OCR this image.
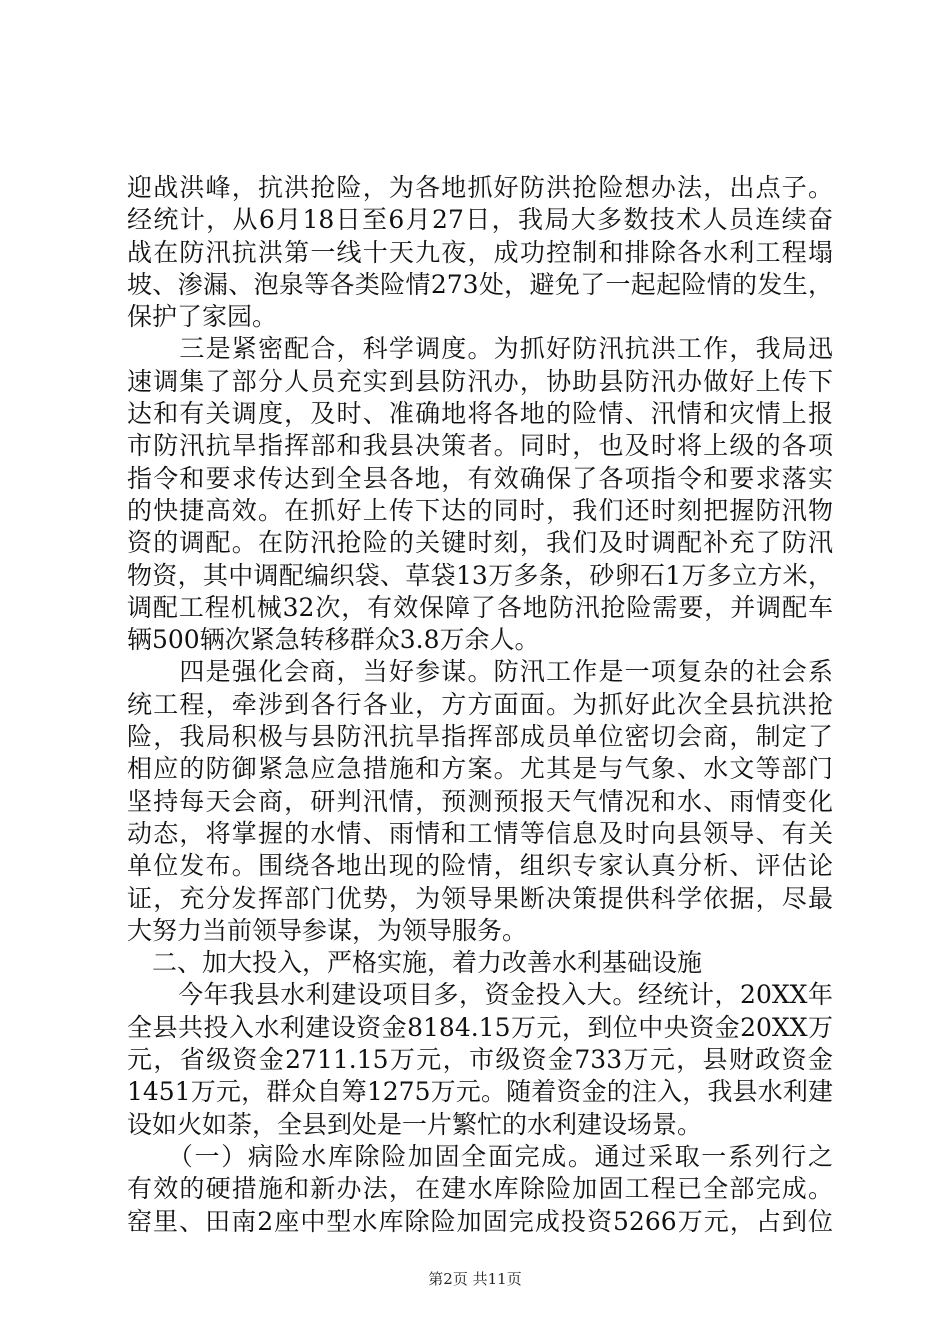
迎战洪峰，抗洪抢险，为各地抓好防洪抢险想办法，出点子。
经统计，从6月18日至6月27日，我局大多数技术人员连续奋
战在防汛抗洪第一线十天九夜，成功控制和排除各水利工程塌
坡、渗漏、泡泉等各类险情273处，避免了一起起险情的发生，
保护了家园。
　　三是紧密配合，科学调度。为抓好防汛抗洪工作，我局迅
速调集了部分人员充实到县防汛办，协助县防汛办做好上传下
达和有关调度，及时、准确地将各地的险情、汛情和灾情上报
市防汛抗旱指挥部和我县决策者。同时，也及时将上级的各项
指令和要求传达到全县各地，有效确保了各项指令和要求落实
的快捷高效。在抓好上传下达的同时，我们还时刻把握防汛物
资的调配。在防汛抢险的关键时刻，我们及时调配补充了防汛
物资，其中调配编织袋、草袋13万多条，砂卵石1万多立方米，
调配工程机械32次，有效保障了各地防汛抢险需要，并调配车
辆500辆次紧急转移群众3.8万余人。
　　四是强化会商，当好参谋。防汛工作是一项复杂的社会系
统工程，牵涉到各行各业，方方面面。为抓好此次全县抗洪抢
险，我局积极与县防汛抗旱指挥部成员单位密切会商，制定了
相应的防御紧急应急措施和方案。尤其是与气象、水文等部门
坚持每天会商，研判汛情，预测预报天气情况和水、雨情变化
动态，将掌握的水情、雨情和工情等信息及时向县领导、有关
单位发布。围绕各地出现的险情，组织专家认真分析、评估论
证，充分发挥部门优势，为领导果断决策提供科学依据，尽最
大努力当前领导参谋，为领导服务。
　二、加大投入，严格实施，着力改善水利基础设施
　　今年我县水利建设项目多，资金投入大。经统计，20XX年
全县共投入水利建设资金8184.15万元，到位中央资金20XX万
元，省级资金2711.15万元，市级资金733万元，县财政资金
1451万元，群众自筹1275万元。随着资金的注入，我县水利建
设如火如荼，全县到处是一片繁忙的水利建设场景。
　　（一）病险水库除险加固全面完成。通过采取一系列行之
有效的硬措施和新办法，在建水库除险加固工程已全部完成。
窑里、田南2座中型水库除险加固完成投资5266万元，占到位
第2页 共11页
